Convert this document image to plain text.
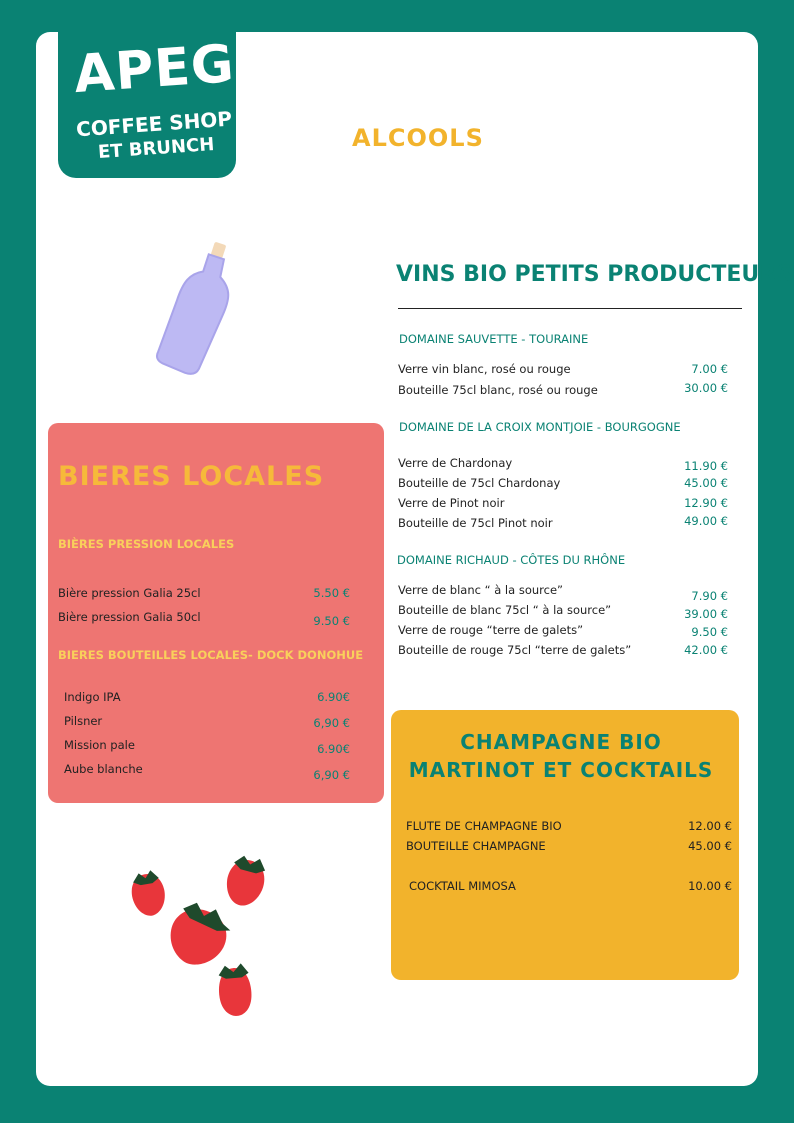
APEGO
COFFEE SHOP
ET BRUNCH	ALCOOLS
VINS BIO PETITS PRODUCTEURS
DOMAINE SAUVETTE - TOURAINE
Verre vin blanc, rosé ou rouge	7.00 €
Bouteille 75cl blanc, rosé ou rouge	30.00 €
DOMAINE DE LA CROIX MONTJOIE - BOURGOGNE
Verre de Chardonay	11.90 €
Bouteille de 75cl Chardonay	45.00 €
Verre de Pinot noir	12.90 €
Bouteille de 75cl Pinot noir	49.00 €
DOMAINE RICHAUD - CÔTES DU RHÔNE
Verre de blanc “ à la source”	7.90 €
Bouteille de blanc 75cl “ à la source”	39.00 €
Verre de rouge “terre de galets”	9.50 €
Bouteille de rouge 75cl “terre de galets”	42.00 €
BIERES LOCALES
BIÈRES PRESSION LOCALES
Bière pression Galia 25cl	5.50 €
Bière pression Galia 50cl	9.50 €
BIERES BOUTEILLES LOCALES- DOCK DONOHUE
Indigo IPA	6.90€
Pilsner	6,90 €
Mission pale	6.90€
Aube blanche	6,90 €
CHAMPAGNE BIO
MARTINOT ET COCKTAILS
FLUTE DE CHAMPAGNE BIO	12.00 €
BOUTEILLE CHAMPAGNE	45.00 €
COCKTAIL MIMOSA	10.00 €
